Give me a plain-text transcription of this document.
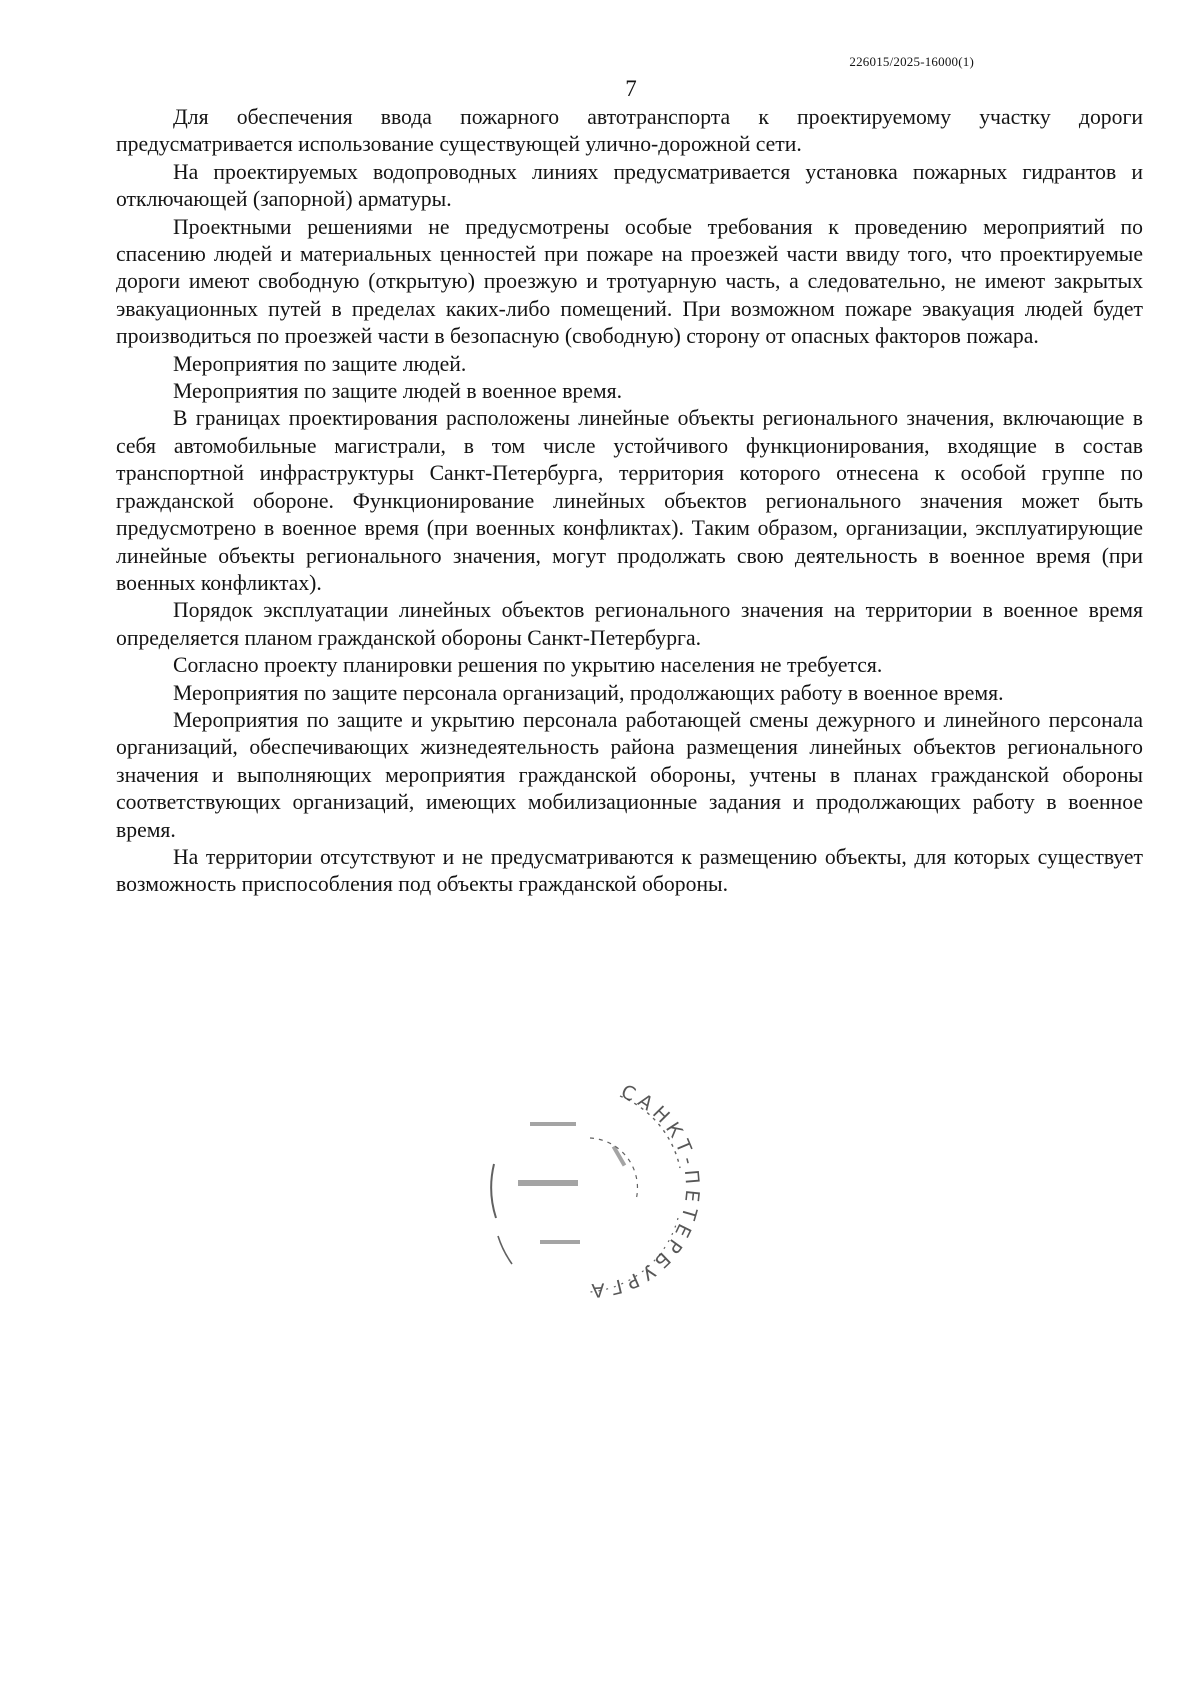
226015/2025-16000(1)
7

Для обеспечения ввода пожарного автотранспорта к проектируемому участку дороги предусматривается использование существующей улично-дорожной сети.

На проектируемых водопроводных линиях предусматривается установка пожарных гидрантов и отключающей (запорной) арматуры.

Проектными решениями не предусмотрены особые требования к проведению мероприятий по спасению людей и материальных ценностей при пожаре на проезжей части ввиду того, что проектируемые дороги имеют свободную (открытую) проезжую и тротуарную часть, а следовательно, не имеют закрытых эвакуационных путей в пределах каких-либо помещений. При возможном пожаре эвакуация людей будет производиться по проезжей части в безопасную (свободную) сторону от опасных факторов пожара.

Мероприятия по защите людей.

Мероприятия по защите людей в военное время.

В границах проектирования расположены линейные объекты регионального значения, включающие в себя автомобильные магистрали, в том числе устойчивого функционирования, входящие в состав транспортной инфраструктуры Санкт-Петербурга, территория которого отнесена к особой группе по гражданской обороне. Функционирование линейных объектов регионального значения может быть предусмотрено в военное время (при военных конфликтах). Таким образом, организации, эксплуатирующие линейные объекты регионального значения, могут продолжать свою деятельность в военное время (при военных конфликтах).

Порядок эксплуатации линейных объектов регионального значения на территории в военное время определяется планом гражданской обороны Санкт-Петербурга.

Согласно проекту планировки решения по укрытию населения не требуется.

Мероприятия по защите персонала организаций, продолжающих работу в военное время.

Мероприятия по защите и укрытию персонала работающей смены дежурного и линейного персонала организаций, обеспечивающих жизнедеятельность района размещения линейных объектов регионального значения и выполняющих мероприятия гражданской обороны, учтены в планах гражданской обороны соответствующих организаций, имеющих мобилизационные задания и продолжающих работу в военное время.

На территории отсутствуют и не предусматриваются к размещению объекты, для которых существует возможность приспособления под объекты гражданской обороны.

САНКТ-ПЕТЕРБУРГА
